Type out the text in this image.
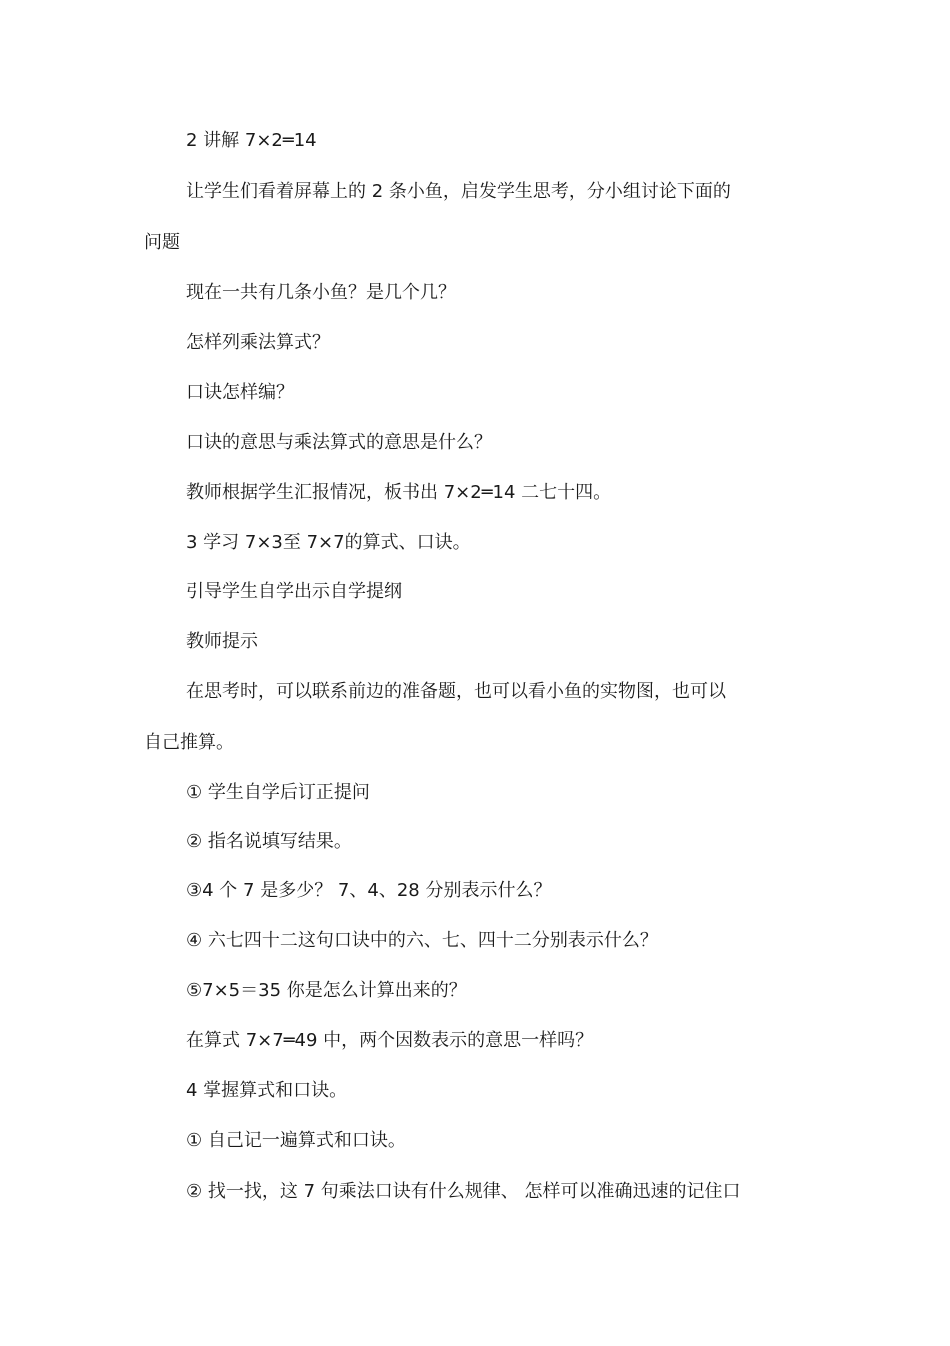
2 讲解 7×2═14
让学生们看着屏幕上的 2 条小鱼，启发学生思考，分小组讨论下面的
问题
现在一共有几条小鱼？是几个几？
怎样列乘法算式？
口诀怎样编？
口诀的意思与乘法算式的意思是什么？
教师根据学生汇报情况，板书出 7×2═14 二七十四。
3 学习 7×3至 7×7的算式、口诀。
引导学生自学出示自学提纲
教师提示
在思考时，可以联系前边的准备题，也可以看小鱼的实物图，也可以
自己推算。
① 学生自学后订正提问
② 指名说填写结果。
③4 个 7 是多少？ 7、4、28 分别表示什么？
④ 六七四十二这句口诀中的六、七、四十二分别表示什么？
⑤7×5＝35 你是怎么计算出来的？
在算式 7×7═49 中，两个因数表示的意思一样吗？
4 掌握算式和口诀。
① 自己记一遍算式和口诀。
② 找一找，这 7 句乘法口诀有什么规律、 怎样可以准确迅速的记住口
